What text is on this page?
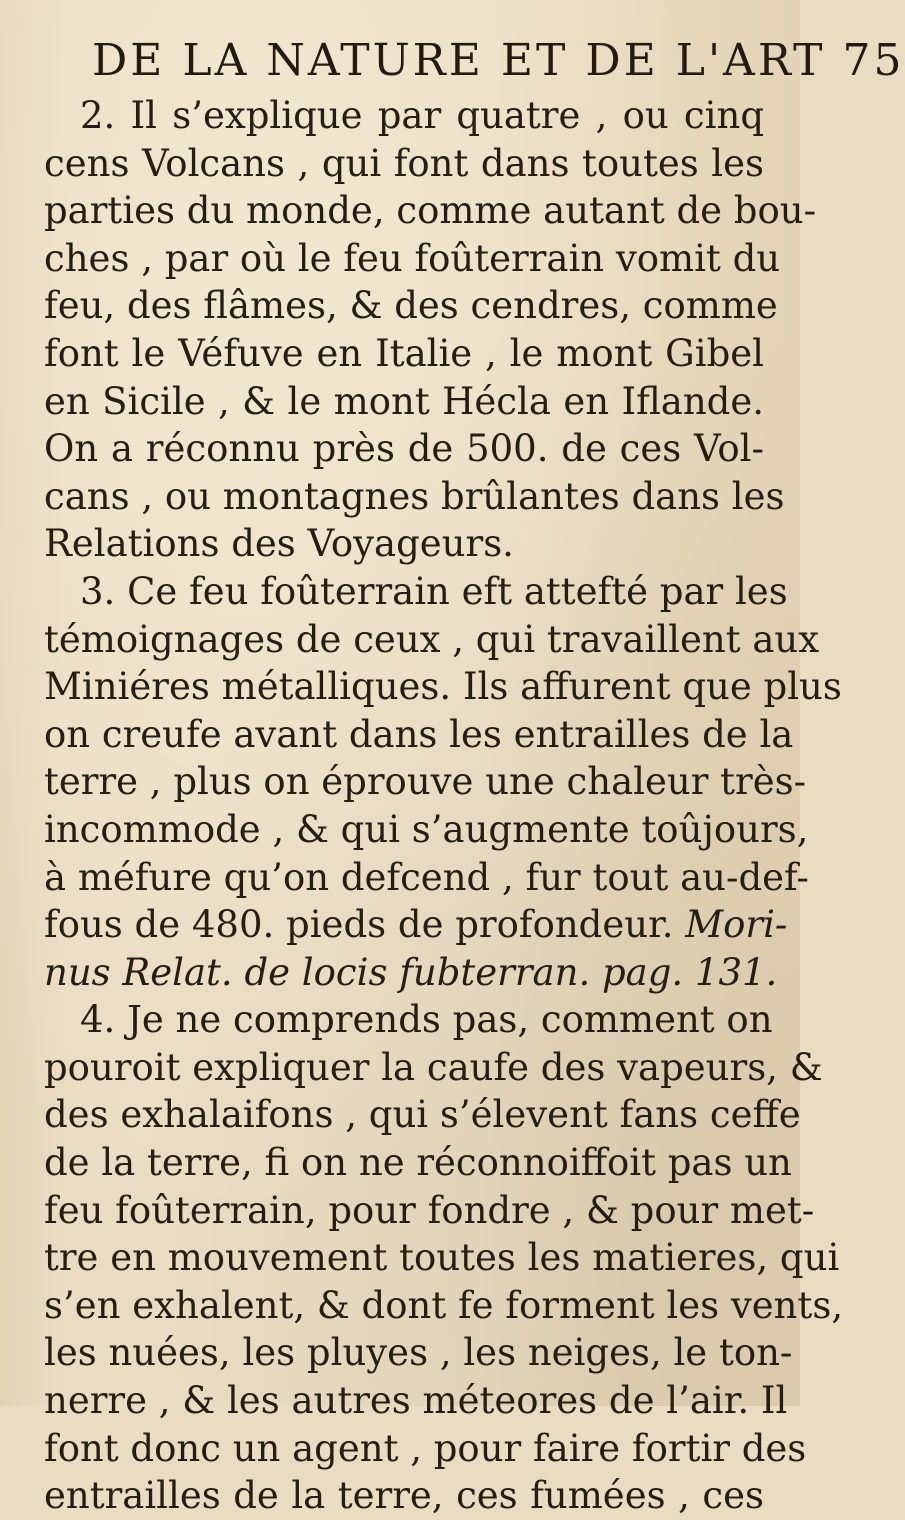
DE LA NATURE ET DE L'ART 75
2. Il s’explique par quatre , ou cinq
cens Volcans , qui font dans toutes les
parties du monde, comme autant de bou-
ches , par où le feu foûterrain vomit du
feu, des flâmes, & des cendres, comme
font le Véfuve en Italie , le mont Gibel
en Sicile , & le mont Hécla en Iflande.
On a réconnu près de 500. de ces Vol-
cans , ou montagnes brûlantes dans les
Relations des Voyageurs.
3. Ce feu foûterrain eft attefté par les
témoignages de ceux , qui travaillent aux
Miniéres métalliques. Ils affurent que plus
on creufe avant dans les entrailles de la
terre , plus on éprouve une chaleur très-
incommode , & qui s’augmente toûjours,
à méfure qu’on defcend , fur tout au-def-
fous de 480. pieds de profondeur. Mori-
nus Relat. de locis fubterran. pag. 131.
4. Je ne comprends pas, comment on
pouroit expliquer la caufe des vapeurs, &
des exhalaifons , qui s’élevent fans ceffe
de la terre, fi on ne réconnoiffoit pas un
feu foûterrain, pour fondre , & pour met-
tre en mouvement toutes les matieres, qui
s’en exhalent, & dont fe forment les vents,
les nuées, les pluyes , les neiges, le ton-
nerre , & les autres méteores de l’air. Il
font donc un agent , pour faire fortir des
entrailles de la terre, ces fumées , ces
